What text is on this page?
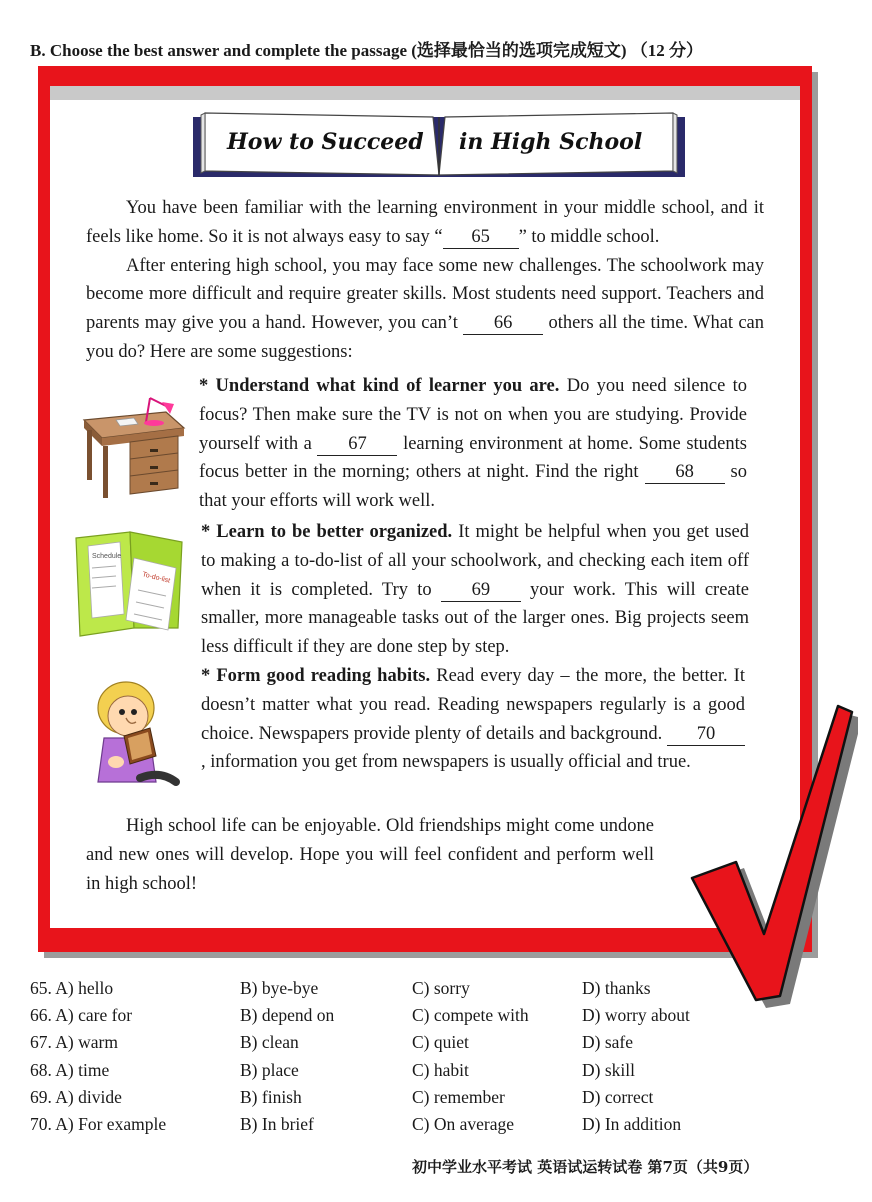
B. Choose the best answer and complete the passage (选择最恰当的选项完成短文) （12 分）
How to Succeed in High School

You have been familiar with the learning environment in your middle school, and it feels like home. So it is not always easy to say “ 65 ” to middle school.

After entering high school, you may face some new challenges. The schoolwork may become more difficult and require greater skills. Most students need support. Teachers and parents may give you a hand. However, you can’t 66 others all the time. What can you do? Here are some suggestions:

* Understand what kind of learner you are. Do you need silence to focus? Then make sure the TV is not on when you are studying. Provide yourself with a 67 learning environment at home. Some students focus better in the morning; others at night. Find the right 68 so that your efforts will work well.

Schedule
To-do-list

* Learn to be better organized. It might be helpful when you get used to making a to-do-list of all your schoolwork, and checking each item off when it is completed. Try to 69 your work. This will create smaller, more manageable tasks out of the larger ones. Big projects seem less difficult if they are done step by step.

* Form good reading habits. Read every day – the more, the better. It doesn’t matter what you read. Reading newspapers regularly is a good choice. Newspapers provide plenty of details and background. 70, information you get from newspapers is usually official and true.

High school life can be enjoyable. Old friendships might come undone and new ones will develop. Hope you will feel confident and perform well in high school!

65. A) hello	B) bye-bye	C) sorry	D) thanks
66. A) care for	B) depend on	C) compete with	D) worry about
67. A) warm	B) clean	C) quiet	D) safe
68. A) time	B) place	C) habit	D) skill
69. A) divide	B) finish	C) remember	D) correct
70. A) For example	B) In brief	C) On average	D) In addition
初中学业水平考试 英语试运转试卷 第7页（共9页）
